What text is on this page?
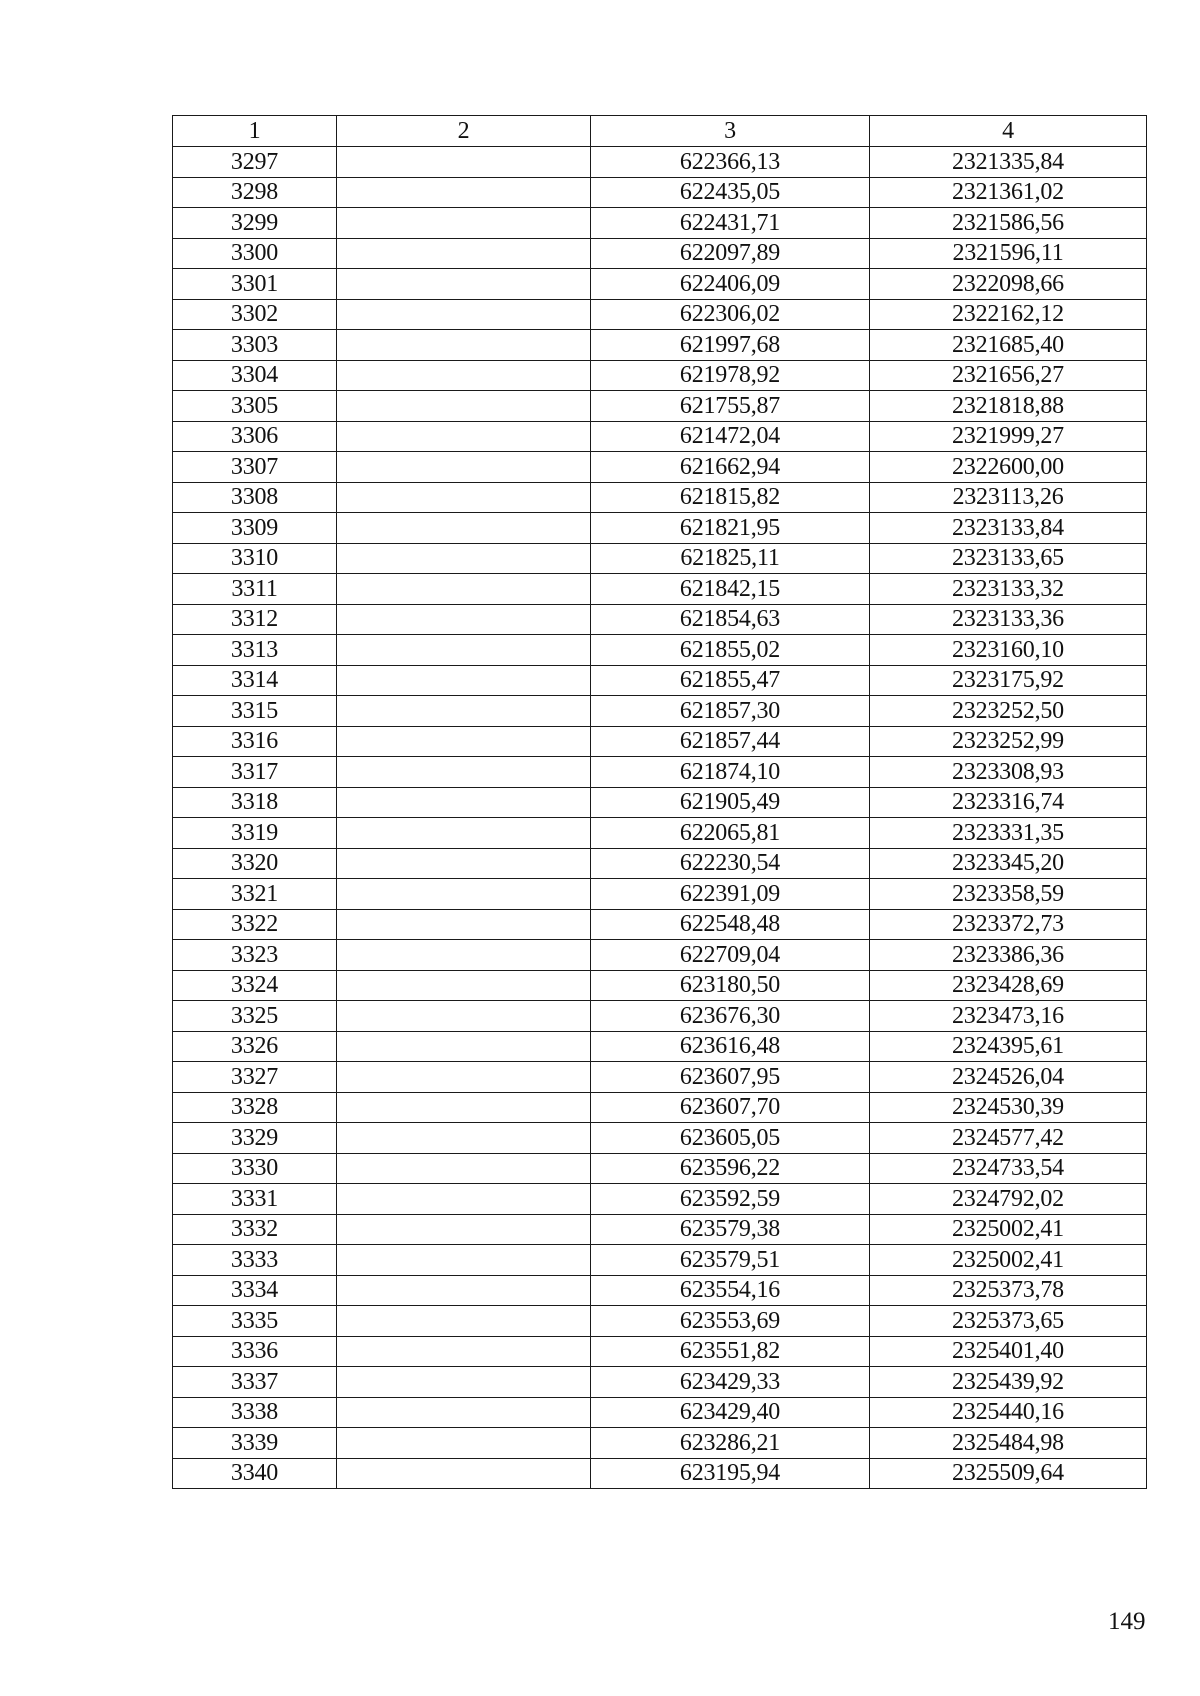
1	2	3	4
3297		622366,13	2321335,84
3298		622435,05	2321361,02
3299		622431,71	2321586,56
3300		622097,89	2321596,11
3301		622406,09	2322098,66
3302		622306,02	2322162,12
3303		621997,68	2321685,40
3304		621978,92	2321656,27
3305		621755,87	2321818,88
3306		621472,04	2321999,27
3307		621662,94	2322600,00
3308		621815,82	2323113,26
3309		621821,95	2323133,84
3310		621825,11	2323133,65
3311		621842,15	2323133,32
3312		621854,63	2323133,36
3313		621855,02	2323160,10
3314		621855,47	2323175,92
3315		621857,30	2323252,50
3316		621857,44	2323252,99
3317		621874,10	2323308,93
3318		621905,49	2323316,74
3319		622065,81	2323331,35
3320		622230,54	2323345,20
3321		622391,09	2323358,59
3322		622548,48	2323372,73
3323		622709,04	2323386,36
3324		623180,50	2323428,69
3325		623676,30	2323473,16
3326		623616,48	2324395,61
3327		623607,95	2324526,04
3328		623607,70	2324530,39
3329		623605,05	2324577,42
3330		623596,22	2324733,54
3331		623592,59	2324792,02
3332		623579,38	2325002,41
3333		623579,51	2325002,41
3334		623554,16	2325373,78
3335		623553,69	2325373,65
3336		623551,82	2325401,40
3337		623429,33	2325439,92
3338		623429,40	2325440,16
3339		623286,21	2325484,98
3340		623195,94	2325509,64
149
